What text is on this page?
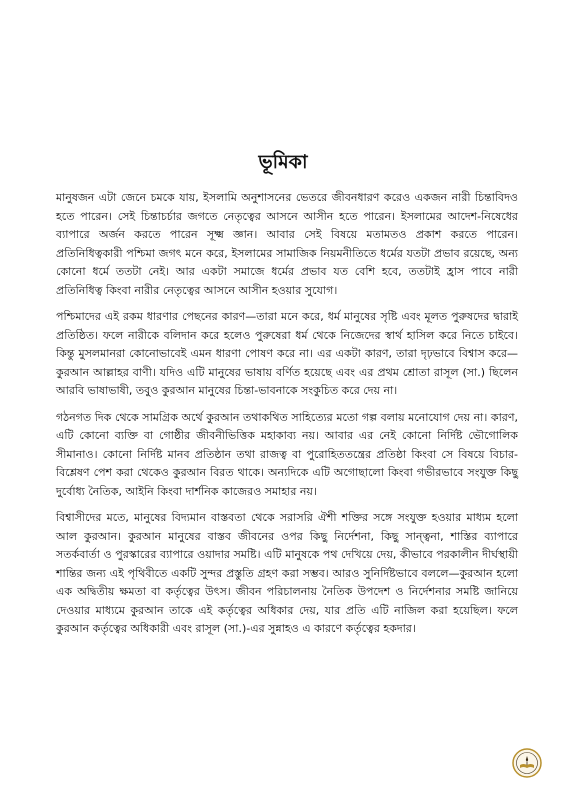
ভূমিকা

মানুষজন এটা জেনে চমকে যায়, ইসলামি অনুশাসনের ভেতরে জীবনধারণ করেও একজন নারী চিন্তাবিদও হতে পারেন। সেই চিন্তাচর্চার জগতে নেতৃত্বের আসনে আসীন হতে পারেন। ইসলামের আদেশ-নিষেধের ব্যাপারে অর্জন করতে পারেন সূক্ষ্ম জ্ঞান। আবার সেই বিষয়ে মতামতও প্রকাশ করতে পারেন। প্রতিনিধিত্বকারী পশ্চিমা জগৎ মনে করে, ইসলামের সামাজিক নিয়মনীতিতে ধর্মের যতটা প্রভাব রয়েছে, অন্য কোনো ধর্মে ততটা নেই। আর একটা সমাজে ধর্মের প্রভাব যত বেশি হবে, ততটাই হ্রাস পাবে নারী প্রতিনিধিত্ব কিংবা নারীর নেতৃত্বের আসনে আসীন হওয়ার সুযোগ।

পশ্চিমাদের এই রকম ধারণার পেছনের কারণ—তারা মনে করে, ধর্ম মানুষের সৃষ্টি এবং মূলত পুরুষদের দ্বারাই প্রতিষ্ঠিত। ফলে নারীকে বলিদান করে হলেও পুরুষেরা ধর্ম থেকে নিজেদের স্বার্থ হাসিল করে নিতে চাইবে। কিন্তু মুসলমানরা কোনোভাবেই এমন ধারণা পোষণ করে না। এর একটা কারণ, তারা দৃঢ়ভাবে বিশ্বাস করে—কুরআন আল্লাহর বাণী। যদিও এটি মানুষের ভাষায় বর্ণিত হয়েছে এবং এর প্রথম শ্রোতা রাসূল (সা.) ছিলেন আরবি ভাষাভাষী, তবুও কুরআন মানুষের চিন্তা-ভাবনাকে সংকুচিত করে দেয় না।

গঠনগত দিক থেকে সামগ্রিক অর্থে কুরআন তথাকথিত সাহিত্যের মতো গল্প বলায় মনোযোগ দেয় না। কারণ, এটি কোনো ব্যক্তি বা গোষ্ঠীর জীবনীভিত্তিক মহাকাব্য নয়। আবার এর নেই কোনো নির্দিষ্ট ভৌগোলিক সীমানাও। কোনো নির্দিষ্ট মানব প্রতিষ্ঠান তথা রাজত্ব বা পুরোহিততন্ত্রের প্রতিষ্ঠা কিংবা সে বিষয়ে বিচার-বিশ্লেষণ পেশ করা থেকেও কুরআন বিরত থাকে। অন্যদিকে এটি অগোছালো কিংবা গভীরভাবে সংযুক্ত কিছু দুর্বোধ্য নৈতিক, আইনি কিংবা দার্শনিক কাজেরও সমাহার নয়।

বিশ্বাসীদের মতে, মানুষের বিদ্যমান বাস্তবতা থেকে সরাসরি ঐশী শক্তির সঙ্গে সংযুক্ত হওয়ার মাধ্যম হলো আল কুরআন। কুরআন মানুষের বাস্তব জীবনের ওপর কিছু নির্দেশনা, কিছু সান্ত্বনা, শাস্তির ব্যাপারে সতর্কবার্তা ও পুরস্কারের ব্যাপারে ওয়াদার সমষ্টি। এটি মানুষকে পথ দেখিয়ে দেয়, কীভাবে পরকালীন দীর্ঘস্থায়ী শান্তির জন্য এই পৃথিবীতে একটি সুন্দর প্রস্তুতি গ্রহণ করা সম্ভব। আরও সুনির্দিষ্টভাবে বললে—কুরআন হলো এক অদ্বিতীয় ক্ষমতা বা কর্তৃত্বের উৎস। জীবন পরিচালনায় নৈতিক উপদেশ ও নির্দেশনার সমষ্টি জানিয়ে দেওয়ার মাধ্যমে কুরআন তাকে এই কর্তৃত্বের অধিকার দেয়, যার প্রতি এটি নাজিল করা হয়েছিল। ফলে কুরআন কর্তৃত্বের অধিকারী এবং রাসূল (সা.)-এর সুন্নাহও এ কারণে কর্তৃত্বের হকদার।
